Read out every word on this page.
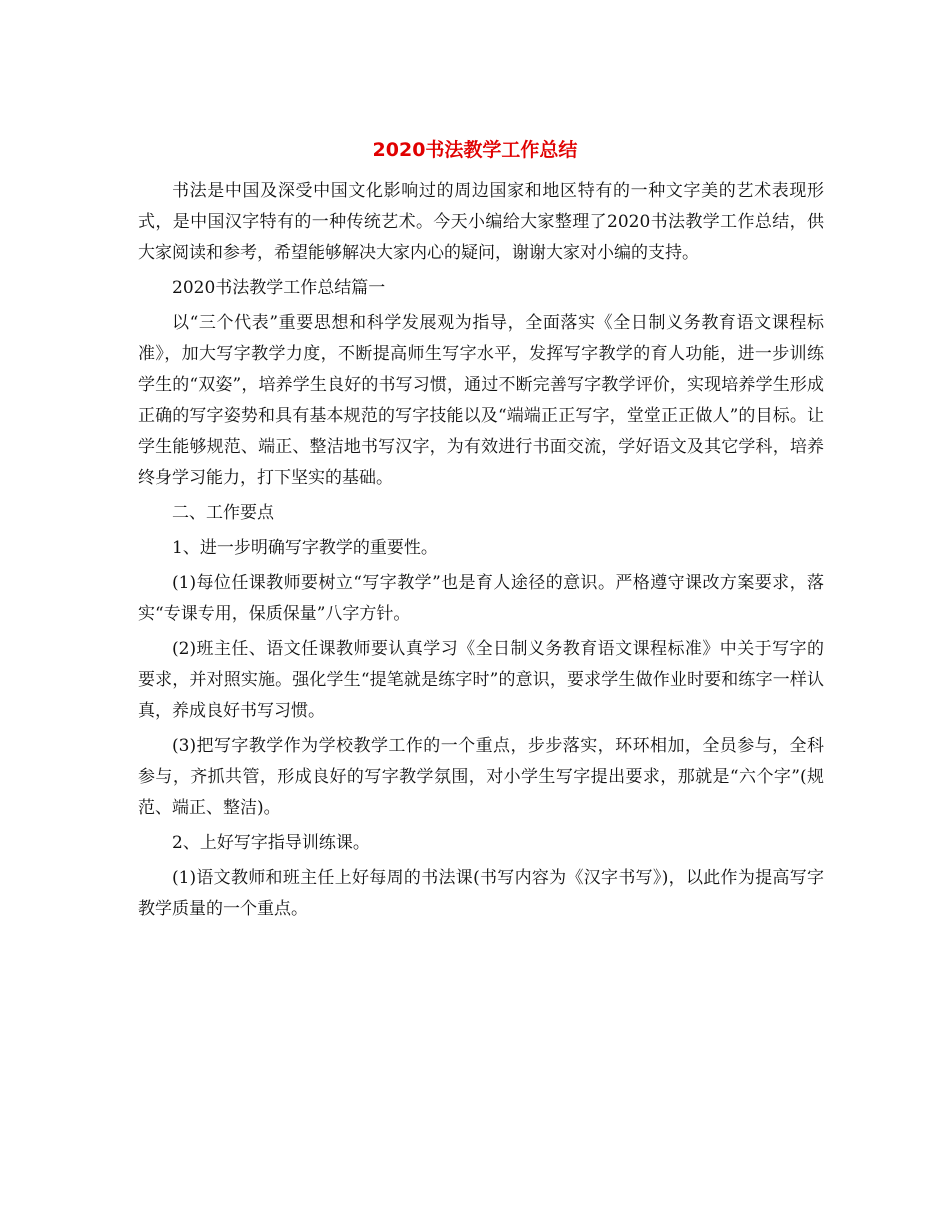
2020书法教学工作总结

书法是中国及深受中国文化影响过的周边国家和地区特有的一种文字美的艺术表现形式，是中国汉字特有的一种传统艺术。今天小编给大家整理了2020书法教学工作总结，供大家阅读和参考，希望能够解决大家内心的疑问，谢谢大家对小编的支持。

2020书法教学工作总结篇一

以“三个代表”重要思想和科学发展观为指导，全面落实《全日制义务教育语文课程标准》，加大写字教学力度，不断提高师生写字水平，发挥写字教学的育人功能，进一步训练学生的“双姿”，培养学生良好的书写习惯，通过不断完善写字教学评价，实现培养学生形成正确的写字姿势和具有基本规范的写字技能以及“端端正正写字，堂堂正正做人”的目标。让学生能够规范、端正、整洁地书写汉字，为有效进行书面交流，学好语文及其它学科，培养终身学习能力，打下坚实的基础。

二、工作要点

1、进一步明确写字教学的重要性。

(1)每位任课教师要树立“写字教学”也是育人途径的意识。严格遵守课改方案要求，落实“专课专用，保质保量”八字方针。

(2)班主任、语文任课教师要认真学习《全日制义务教育语文课程标准》中关于写字的要求，并对照实施。强化学生“提笔就是练字时”的意识，要求学生做作业时要和练字一样认真，养成良好书写习惯。

(3)把写字教学作为学校教学工作的一个重点，步步落实，环环相加，全员参与，全科参与，齐抓共管，形成良好的写字教学氛围，对小学生写字提出要求，那就是“六个字”(规范、端正、整洁)。

2、上好写字指导训练课。

(1)语文教师和班主任上好每周的书法课(书写内容为《汉字书写》)，以此作为提高写字教学质量的一个重点。
